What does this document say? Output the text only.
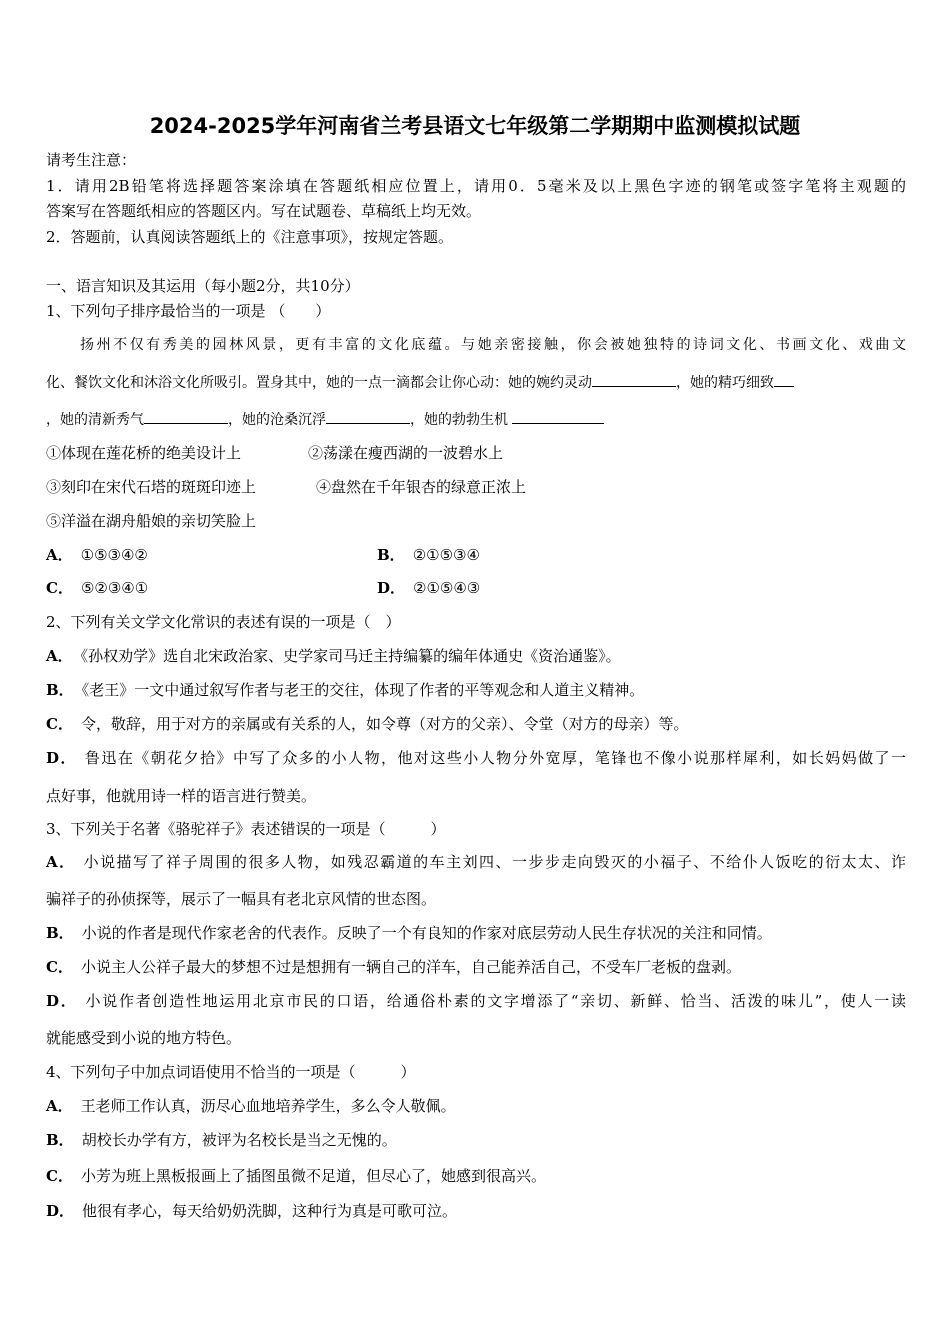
2024-2025学年河南省兰考县语文七年级第二学期期中监测模拟试题
请考生注意：
1．请用2B铅笔将选择题答案涂填在答题纸相应位置上，请用0．5毫米及以上黑色字迹的钢笔或签字笔将主观题的
答案写在答题纸相应的答题区内。写在试题卷、草稿纸上均无效。
2．答题前，认真阅读答题纸上的《注意事项》，按规定答题。
一、语言知识及其运用（每小题2分，共10分）
1、下列句子排序最恰当的一项是 （　　）
扬州不仅有秀美的园林风景，更有丰富的文化底蕴。与她亲密接触，你会被她独特的诗词文化、书画文化、戏曲文
化、餐饮文化和沐浴文化所吸引。置身其中，她的一点一滴都会让你心动：她的婉约灵动	，她的精巧细致
，她的清新秀气	，她的沧桑沉浮	，她的勃勃生机
①体现在莲花桥的绝美设计上	②荡漾在瘦西湖的一波碧水上
③刻印在宋代石塔的斑斑印迹上	④盘然在千年银杏的绿意正浓上
⑤洋溢在湖舟船娘的亲切笑脸上
A． ①⑤③④②	B． ②①⑤③④
C． ⑤②③④①	D． ②①⑤④③
2、下列有关文学文化常识的表述有误的一项是（　）
A． 《孙权劝学》选自北宋政治家、史学家司马迁主持编纂的编年体通史《资治通鉴》。
B． 《老王》一文中通过叙写作者与老王的交往，体现了作者的平等观念和人道主义精神。
C． 令，敬辞，用于对方的亲属或有关系的人，如令尊（对方的父亲）、令堂（对方的母亲）等。
D． 鲁迅在《朝花夕拾》中写了众多的小人物，他对这些小人物分外宽厚，笔锋也不像小说那样犀利，如长妈妈做了一
点好事，他就用诗一样的语言进行赞美。
3、下列关于名著《骆驼祥子》表述错误的一项是（　　　）
A． 小说描写了祥子周围的很多人物，如残忍霸道的车主刘四、一步步走向毁灭的小福子、不给仆人饭吃的衍太太、诈
骗祥子的孙侦探等，展示了一幅具有老北京风情的世态图。
B． 小说的作者是现代作家老舍的代表作。反映了一个有良知的作家对底层劳动人民生存状况的关注和同情。
C． 小说主人公祥子最大的梦想不过是想拥有一辆自己的洋车，自己能养活自己，不受车厂老板的盘剥。
D． 小说作者创造性地运用北京市民的口语，给通俗朴素的文字增添了“亲切、新鲜、恰当、活泼的味儿”，使人一读
就能感受到小说的地方特色。
4、下列句子中加点词语使用不恰当的一项是（　　　）
A． 王老师工作认真，沥尽心血地培养学生，多么令人敬佩。
B． 胡校长办学有方，被评为名校长是当之无愧的。
C． 小芳为班上黑板报画上了插图虽微不足道，但尽心了，她感到很高兴。
D． 他很有孝心，每天给奶奶洗脚，这种行为真是可歌可泣。
